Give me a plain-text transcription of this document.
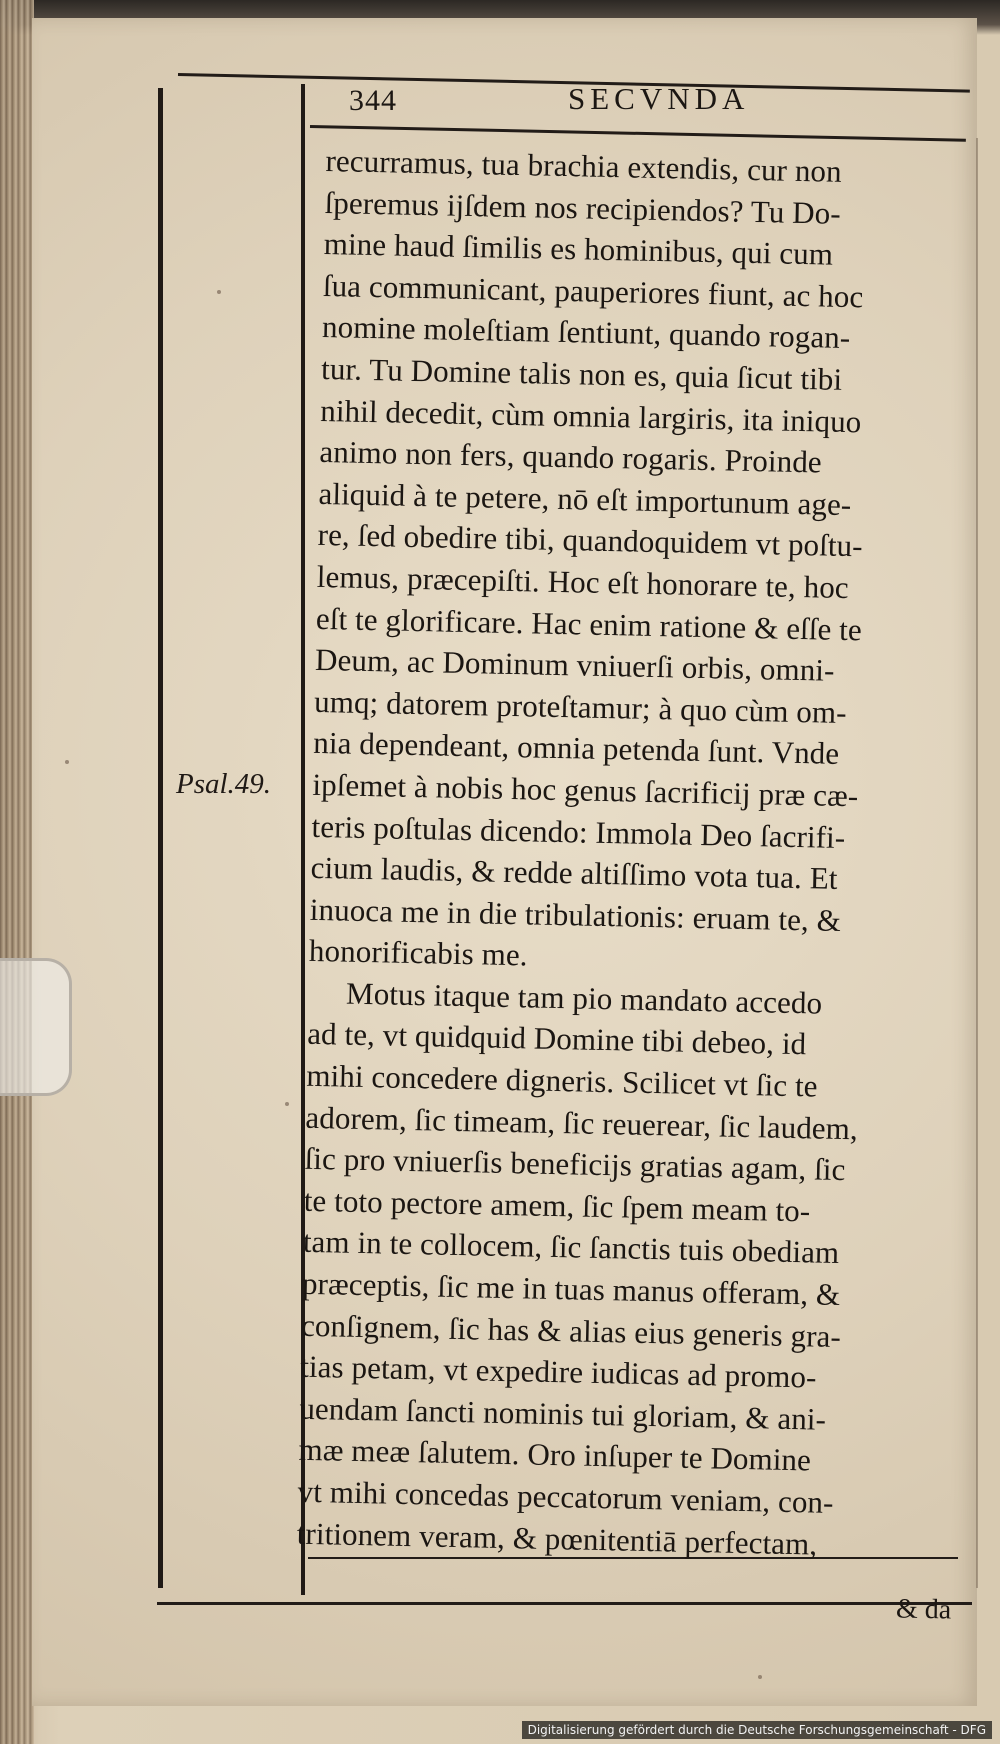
344	SECVNDA
Psal.49.
recurramus, tua brachia extendis, cur non
ſperemus ijſdem nos recipiendos? Tu Do-
mine haud ſimilis es hominibus, qui cum
ſua communicant, pauperiores fiunt, ac hoc
nomine moleſtiam ſentiunt, quando rogan-
tur. Tu Domine talis non es, quia ſicut tibi
nihil decedit, cùm omnia largiris, ita iniquo
animo non fers, quando rogaris. Proinde
aliquid à te petere, nō eſt importunum age-
re, ſed obedire tibi, quandoquidem vt poſtu-
lemus, præcepiſti. Hoc eſt honorare te, hoc
eſt te glorificare. Hac enim ratione & eſſe te
Deum, ac Dominum vniuerſi orbis, omni-
umq; datorem proteſtamur; à quo cùm om-
nia dependeant, omnia petenda ſunt. Vnde
ipſemet à nobis hoc genus ſacrificij præ cæ-
teris poſtulas dicendo: Immola Deo ſacrifi-
cium laudis, & redde altiſſimo vota tua. Et
inuoca me in die tribulationis: eruam te, &
honorificabis me.
Motus itaque tam pio mandato accedo
ad te, vt quidquid Domine tibi debeo, id
mihi concedere digneris. Scilicet vt ſic te
adorem, ſic timeam, ſic reuerear, ſic laudem,
ſic pro vniuerſis beneficijs gratias agam, ſic
te toto pectore amem, ſic ſpem meam to-
tam in te collocem, ſic ſanctis tuis obediam
præceptis, ſic me in tuas manus offeram, &
conſignem, ſic has & alias eius generis gra-
tias petam, vt expedire iudicas ad promo-
uendam ſancti nominis tui gloriam, & ani-
mæ meæ ſalutem. Oro inſuper te Domine
vt mihi concedas peccatorum veniam, con-
tritionem veram, & pœnitentiā perfectam,
& da
Digitalisierung gefördert durch die Deutsche Forschungsgemeinschaft - DFG
